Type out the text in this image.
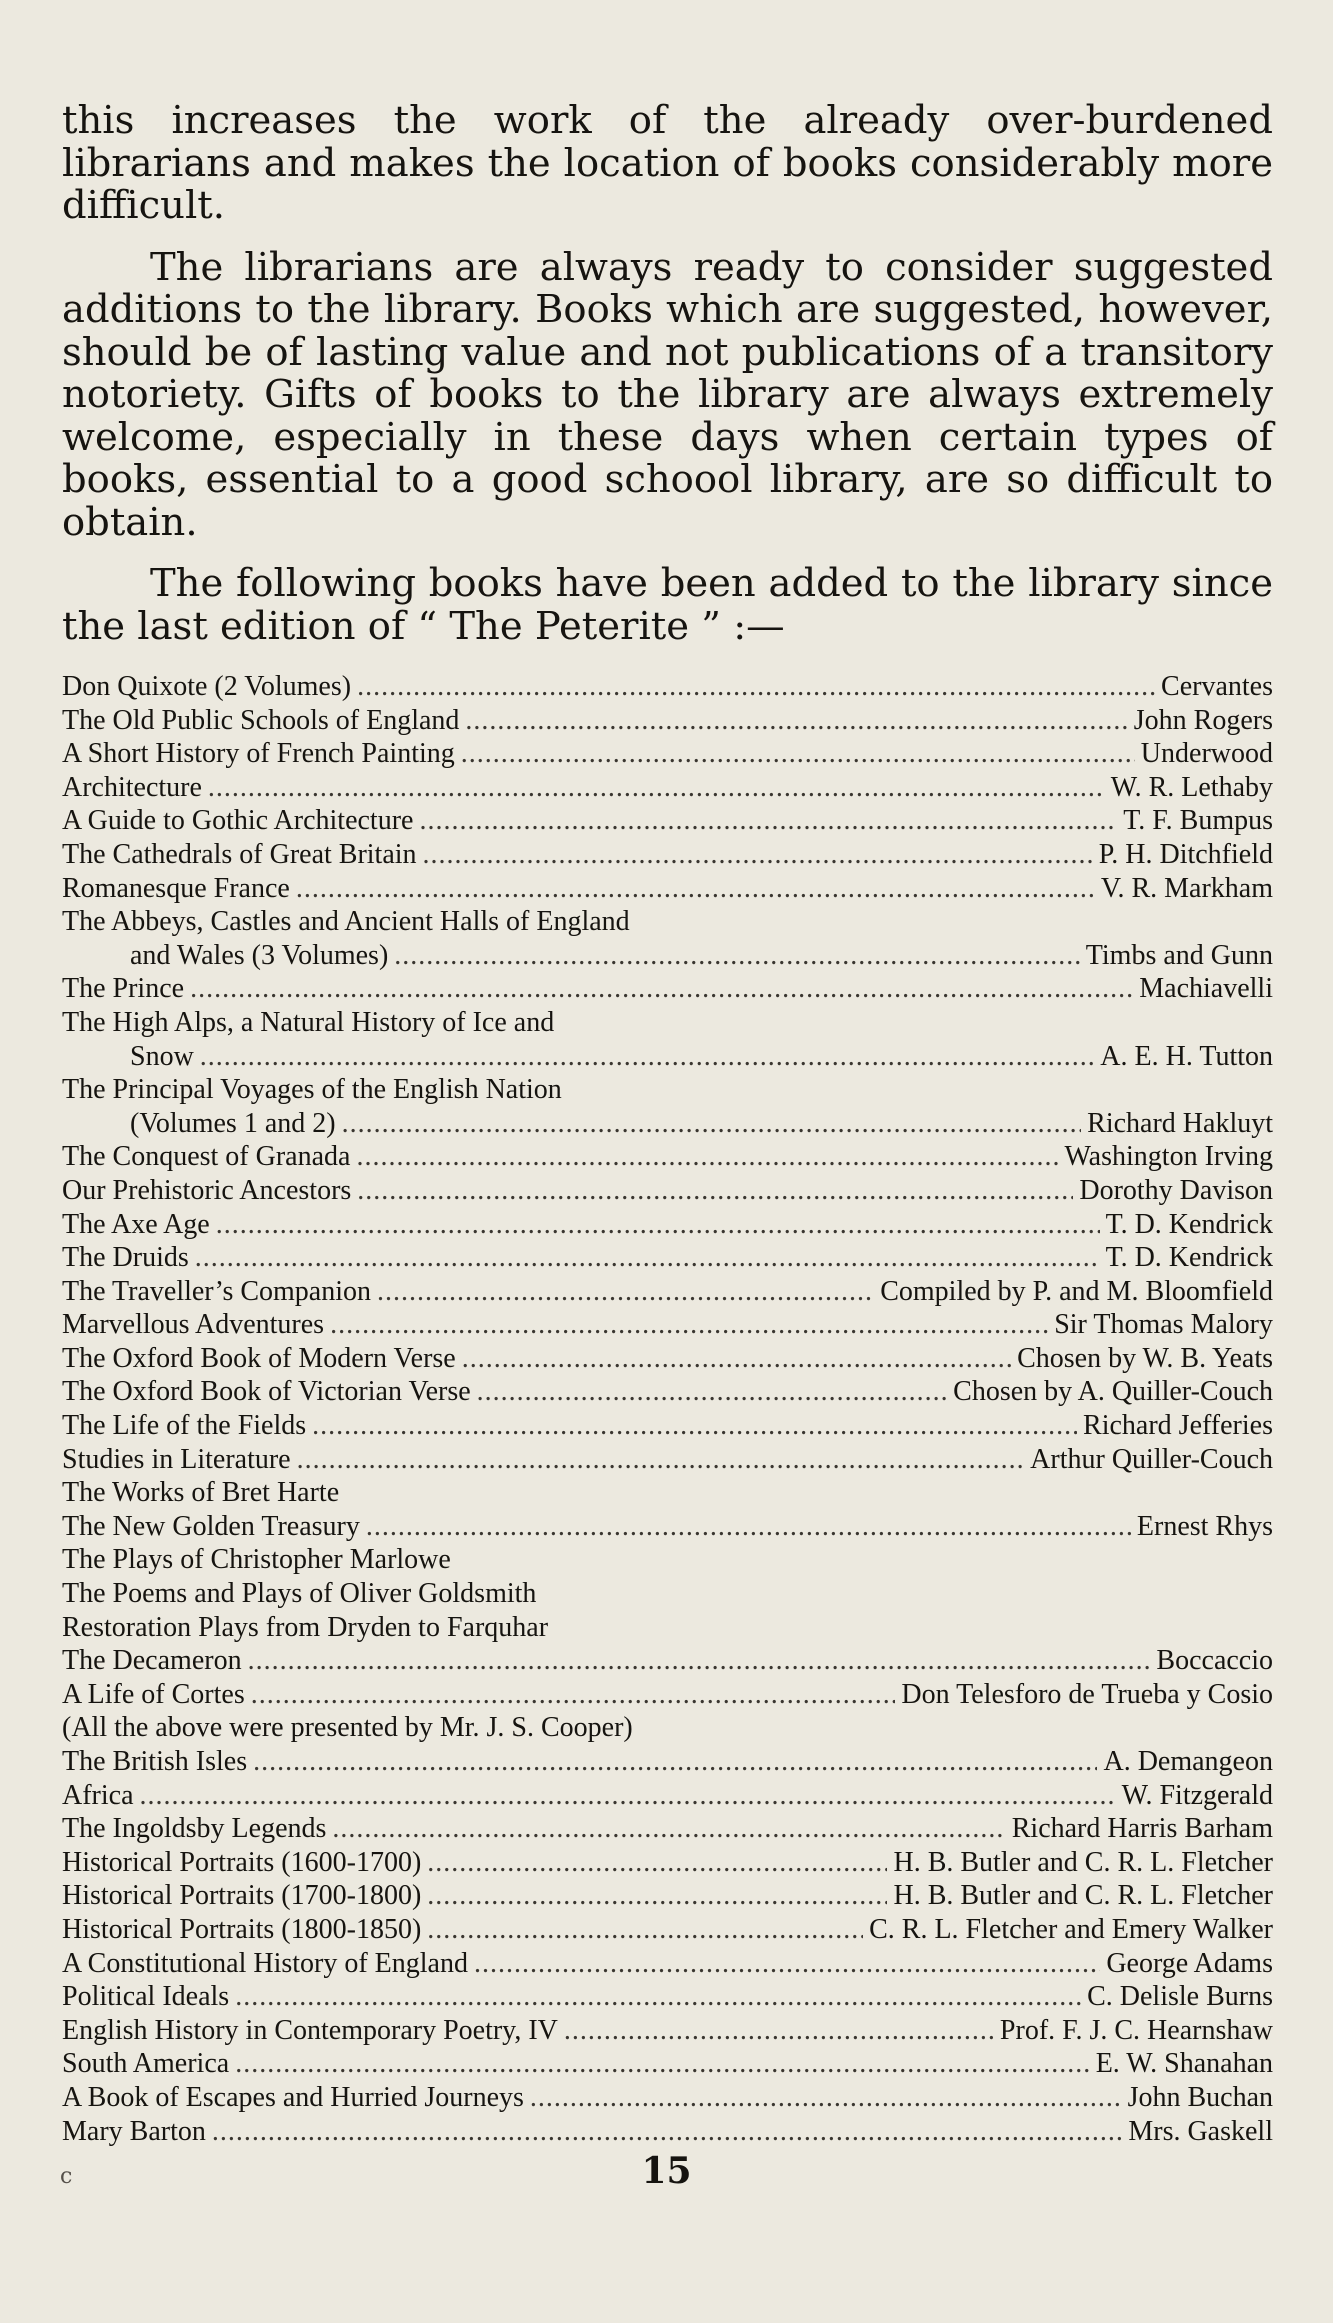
this increases the work of the already over-burdened librarians and makes the location of books considerably more difficult.

The librarians are always ready to consider suggested additions to the library. Books which are suggested, however, should be of lasting value and not publications of a transitory notoriety. Gifts of books to the library are always extremely welcome, especially in these days when certain types of books, essential to a good schoool library, are so difficult to obtain.

The following books have been added to the library since the last edition of “ The Peterite ” :—

Don Quixote (2 Volumes) .....	Cervantes
The Old Public Schools of England .....	John Rogers
A Short History of French Painting .....	Underwood
Architecture .....	W. R. Lethaby
A Guide to Gothic Architecture .....	T. F. Bumpus
The Cathedrals of Great Britain .....	P. H. Ditchfield
Romanesque France .....	V. R. Markham
The Abbeys, Castles and Ancient Halls of England
and Wales (3 Volumes) .....	Timbs and Gunn
The Prince .....	Machiavelli
The High Alps, a Natural History of Ice and
Snow .....	A. E. H. Tutton
The Principal Voyages of the English Nation
(Volumes 1 and 2) .....	Richard Hakluyt
The Conquest of Granada .....	Washington Irving
Our Prehistoric Ancestors .....	Dorothy Davison
The Axe Age .....	T. D. Kendrick
The Druids .....	T. D. Kendrick
The Traveller’s Companion .....	Compiled by P. and M. Bloomfield
Marvellous Adventures .....	Sir Thomas Malory
The Oxford Book of Modern Verse .....	Chosen by W. B. Yeats
The Oxford Book of Victorian Verse .....	Chosen by A. Quiller-Couch
The Life of the Fields .....	Richard Jefferies
Studies in Literature .....	Arthur Quiller-Couch
The Works of Bret Harte
The New Golden Treasury .....	Ernest Rhys
The Plays of Christopher Marlowe
The Poems and Plays of Oliver Goldsmith
Restoration Plays from Dryden to Farquhar
The Decameron .....	Boccaccio
A Life of Cortes .....	Don Telesforo de Trueba y Cosio
(All the above were presented by Mr. J. S. Cooper)
The British Isles .....	A. Demangeon
Africa .....	W. Fitzgerald
The Ingoldsby Legends .....	Richard Harris Barham
Historical Portraits (1600-1700) .....	H. B. Butler and C. R. L. Fletcher
Historical Portraits (1700-1800) .....	H. B. Butler and C. R. L. Fletcher
Historical Portraits (1800-1850) .....	C. R. L. Fletcher and Emery Walker
A Constitutional History of England .....	George Adams
Political Ideals .....	C. Delisle Burns
English History in Contemporary Poetry, IV .....	Prof. F. J. C. Hearnshaw
South America .....	E. W. Shanahan
A Book of Escapes and Hurried Journeys .....	John Buchan
Mary Barton .....	Mrs. Gaskell
c	15
